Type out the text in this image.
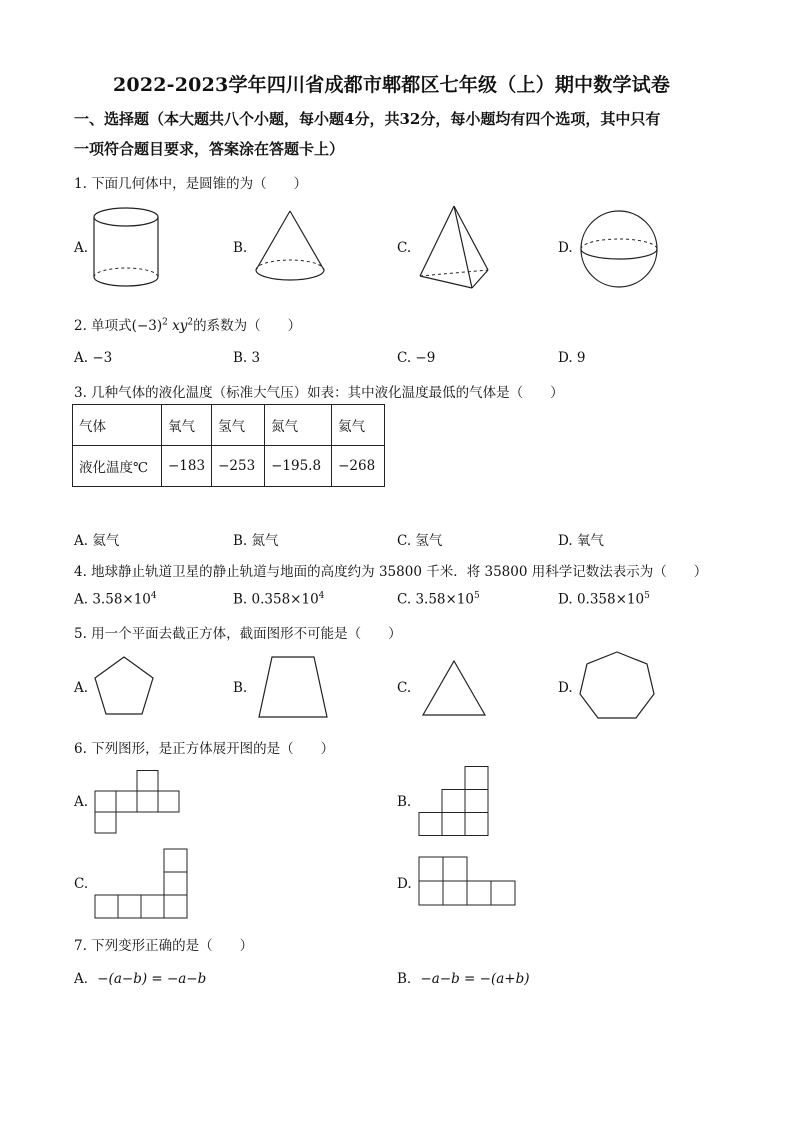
2022-2023学年四川省成都市郫都区七年级（上）期中数学试卷
一、选择题（本大题共八个小题，每小题4分，共32分，每小题均有四个选项，其中只有
一项符合题目要求，答案涂在答题卡上）
1. 下面几何体中，是圆锥的为（　　）
A.	B.	C.	D.
2. 单项式$(-3)^2$ $xy^2$的系数为（　　）
A. −3	B. 3	C. −9	D. 9
3. 几种气体的液化温度（标准大气压）如表：其中液化温度最低的气体是（　　）
气体	氧气	氢气	氮气	氦气
液化温度℃	−183	−253	−195.8	−268
A. 氦气	B. 氮气	C. 氢气	D. 氧气
4. 地球静止轨道卫星的静止轨道与地面的高度约为 35800 千米．将 35800 用科学记数法表示为（　　）
A. $3.58\times 10^4$	B. $0.358\times 10^4$	C. $3.58\times 10^5$	D. $0.358\times 10^5$
5. 用一个平面去截正方体，截面图形不可能是（　　）
A.	B.	C.	D.
6. 下列图形，是正方体展开图的是（　　）
A.	B.
C.	D.
7. 下列变形正确的是（　　）
A．−(a−b) = −a−b	B．−a−b = −(a+b)
